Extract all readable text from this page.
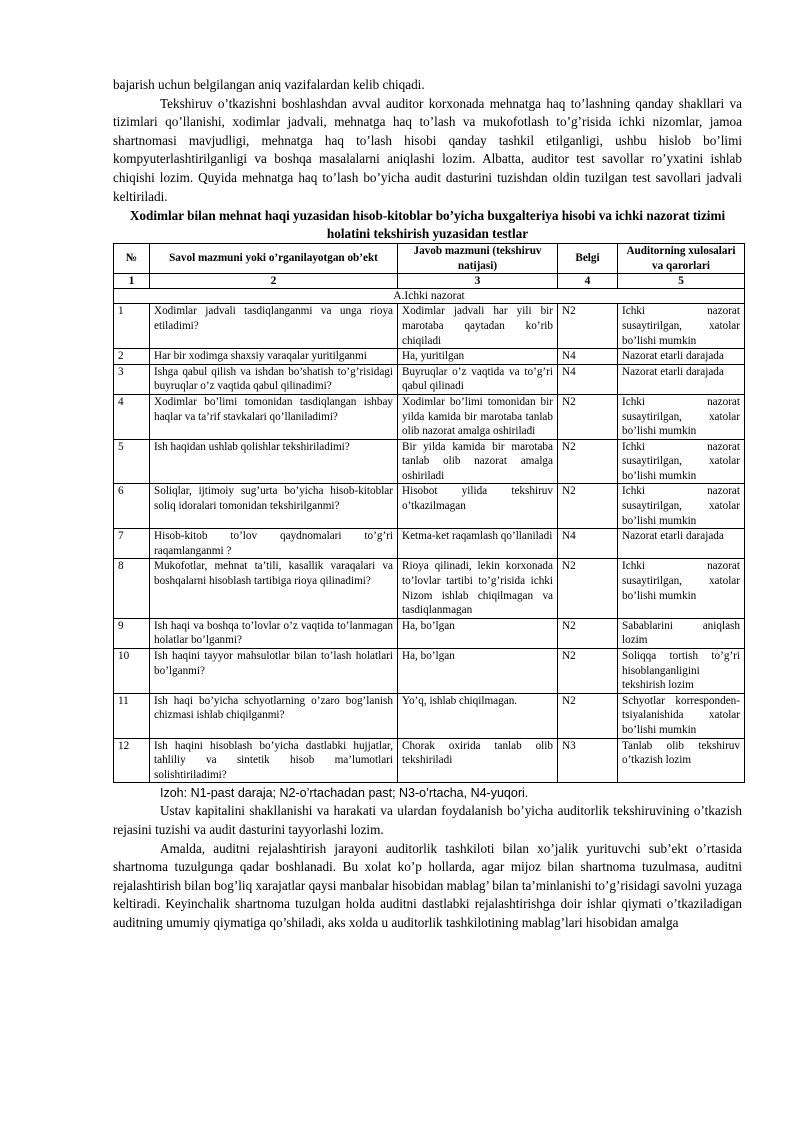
bajarish uchun belgilangan aniq vazifalardan kelib chiqadi.

Tekshiruv o’tkazishni boshlashdan avval auditor korxonada mehnatga haq to’lashning qanday shakllari va tizimlari qo’llanishi, xodimlar jadvali, mehnatga haq to’lash va mukofotlash to’g’risida ichki nizomlar, jamoa shartnomasi mavjudligi, mehnatga haq to’lash hisobi qanday tashkil etilganligi, ushbu hislob bo’limi kompyuterlashtirilganligi va boshqa masalalarni aniqlashi lozim. Albatta, auditor test savollar ro’yxatini ishlab chiqishi lozim. Quyida mehnatga haq to’lash bo’yicha audit dasturini tuzishdan oldin tuzilgan test savollari jadvali keltiriladi.

Xodimlar bilan mehnat haqi yuzasidan hisob-kitoblar bo’yicha buxgalteriya hisobi va ichki nazorat tizimi holatini tekshirish yuzasidan testlar
№	Savol mazmuni yoki o’rganilayotgan ob’ekt	Javob mazmuni (tekshiruv natijasi)	Belgi	Auditorning xulosalari va qarorlari
1	2	3	4	5
A.Ichki nazorat				
1	Xodimlar jadvali tasdiqlanganmi va unga rioya etiladimi?	Xodimlar jadvali har yili bir marotaba qaytadan ko’rib chiqiladi	N2	Ichki nazorat susaytirilgan, xatolar bo’lishi mumkin
2	Har bir xodimga shaxsiy varaqalar yuritilganmi	Ha, yuritilgan	N4	Nazorat etarli darajada
3	Ishga qabul qilish va ishdan bo’shatish to’g’risidagi buyruqlar o’z vaqtida qabul qilinadimi?	Buyruqlar o’z vaqtida va to’g’ri qabul qilinadi	N4	Nazorat etarli darajada
4	Xodimlar bo’limi tomonidan tasdiqlangan ishbay haqlar va ta’rif stavkalari qo’llaniladimi?	Xodimlar bo’limi tomonidan bir yilda kamida bir marotaba tanlab olib nazorat amalga oshiriladi	N2	Ichki nazorat susaytirilgan, xatolar bo’lishi mumkin
5	Ish haqidan ushlab qolishlar tekshiriladimi?	Bir yilda kamida bir marotaba tanlab olib nazorat amalga oshiriladi	N2	Ichki nazorat susaytirilgan, xatolar bo’lishi mumkin
6	Soliqlar, ijtimoiy sug’urta bo’yicha hisob-kitoblar soliq idoralari tomonidan tekshirilganmi?	Hisobot yilida tekshiruv o’tkazilmagan	N2	Ichki nazorat susaytirilgan, xatolar bo’lishi mumkin
7	Hisob-kitob to’lov qaydnomalari to’g’ri raqamlanganmi ?	Ketma-ket raqamlash qo’llaniladi	N4	Nazorat etarli darajada
8	Mukofotlar, mehnat ta’tili, kasallik varaqalari va boshqalarni hisoblash tartibiga rioya qilinadimi?	Rioya qilinadi, lekin korxonada to’lovlar tartibi to’g’risida ichki Nizom ishlab chiqilmagan va tasdiqlanmagan	N2	Ichki nazorat susaytirilgan, xatolar bo’lishi mumkin
9	Ish haqi va boshqa to’lovlar o’z vaqtida to’lanmagan holatlar bo’lganmi?	Ha, bo’lgan	N2	Sabablarini aniqlash lozim
10	Ish haqini tayyor mahsulotlar bilan to’lash holatlari bo’lganmi?	Ha, bo’lgan	N2	Soliqqa tortish to’g’ri hisoblanganligini tekshirish lozim
11	Ish haqi bo’yicha schyotlarning o’zaro bog’lanish chizmasi ishlab chiqilganmi?	Yo’q, ishlab chiqilmagan.	N2	Schyotlar korresponden-tsiyalanishida xatolar bo’lishi mumkin
12	Ish haqini hisoblash bo’yicha dastlabki hujjatlar, tahliliy va sintetik hisob ma’lumotlari solishtiriladimi?	Chorak oxirida tanlab olib tekshiriladi	N3	Tanlab olib tekshiruv o’tkazish lozim

Izoh: N1-past daraja; N2-o’rtachadan past; N3-o’rtacha, N4-yuqori.

Ustav kapitalini shakllanishi va harakati va ulardan foydalanish bo’yicha auditorlik tekshiruvining o’tkazish rejasini tuzishi va audit dasturini tayyorlashi lozim.

Amalda, auditni rejalashtirish jarayoni auditorlik tashkiloti bilan xo’jalik yurituvchi sub’ekt o’rtasida shartnoma tuzulgunga qadar boshlanadi. Bu xolat ko’p hollarda, agar mijoz bilan shartnoma tuzulmasa, auditni rejalashtirish bilan bog’liq xarajatlar qaysi manbalar hisobidan mablag’ bilan ta’minlanishi to’g’risidagi savolni yuzaga keltiradi. Keyinchalik shartnoma tuzulgan holda auditni dastlabki rejalashtirishga doir ishlar qiymati o’tkaziladigan auditning umumiy qiymatiga qo’shiladi, aks xolda u auditorlik tashkilotining mablag’lari hisobidan amalga
